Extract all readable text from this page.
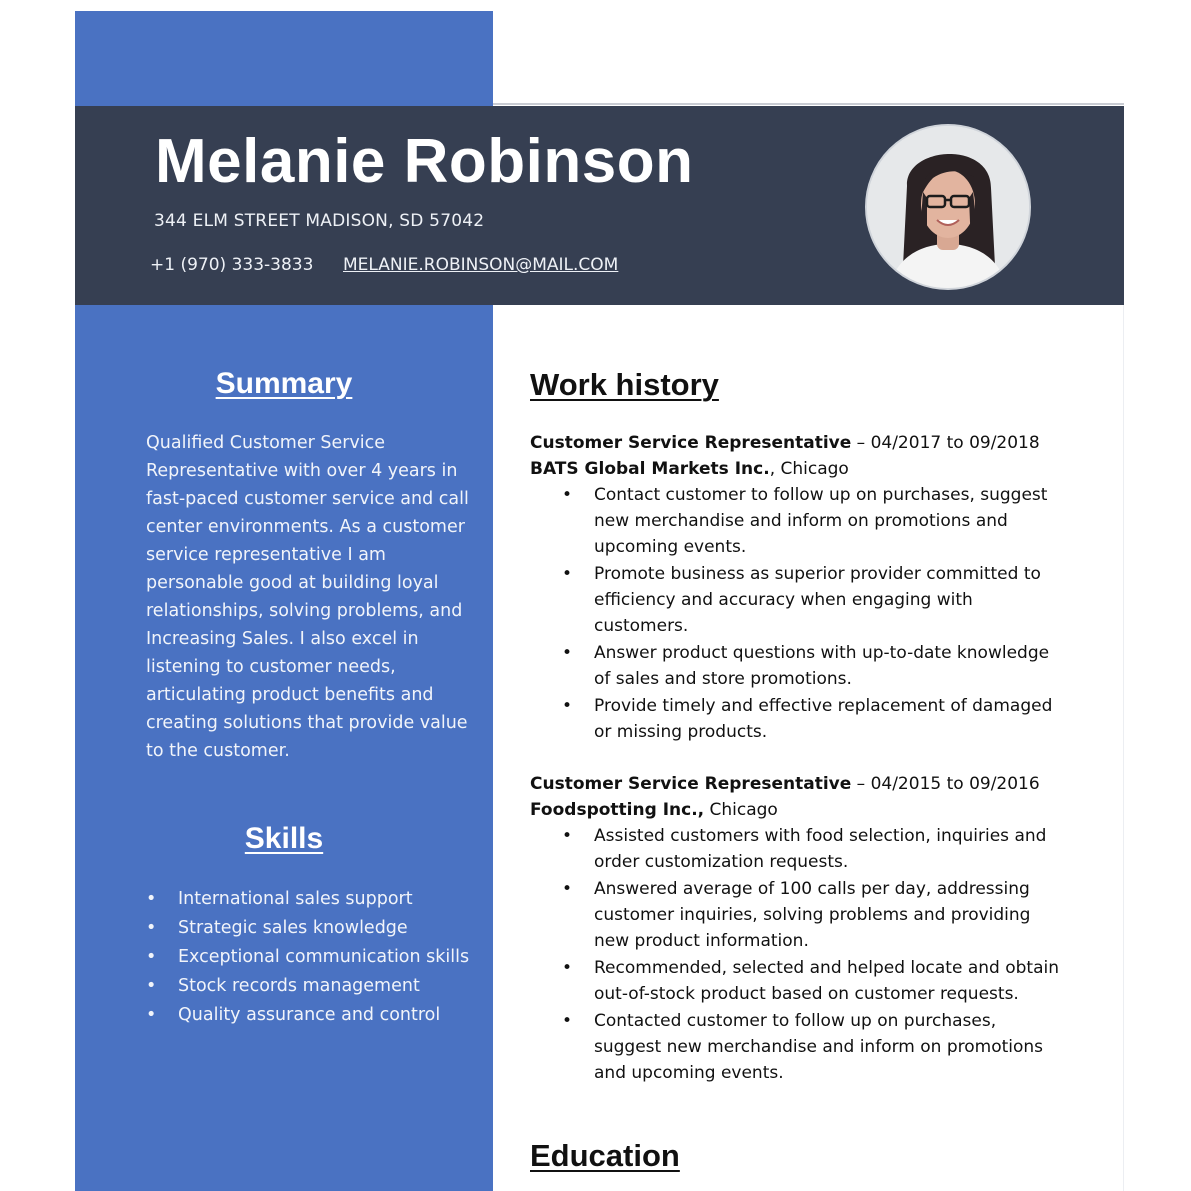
Melanie Robinson
344 ELM STREET MADISON, SD 57042
+1 (970) 333-3833 MELANIE.ROBINSON@MAIL.COM
Summary

Qualified Customer Service Representative with over 4 years in fast-paced customer service and call center environments. As a customer service representative I am personable good at building loyal relationships, solving problems, and Increasing Sales. I also excel in listening to customer needs, articulating product benefits and creating solutions that provide value to the customer.

Skills
• International sales support
• Strategic sales knowledge
• Exceptional communication skills
• Stock records management
• Quality assurance and control
Work history
Customer Service Representative – 04/2017 to 09/2018
BATS Global Markets Inc., Chicago
• Contact customer to follow up on purchases, suggest new merchandise and inform on promotions and upcoming events.
• Promote business as superior provider committed to efficiency and accuracy when engaging with customers.
• Answer product questions with up-to-date knowledge of sales and store promotions.
• Provide timely and effective replacement of damaged or missing products.
Customer Service Representative – 04/2015 to 09/2016
Foodspotting Inc., Chicago
• Assisted customers with food selection, inquiries and order customization requests.
• Answered average of 100 calls per day, addressing customer inquiries, solving problems and providing new product information.
• Recommended, selected and helped locate and obtain out-of-stock product based on customer requests.
• Contacted customer to follow up on purchases, suggest new merchandise and inform on promotions and upcoming events.
Education
